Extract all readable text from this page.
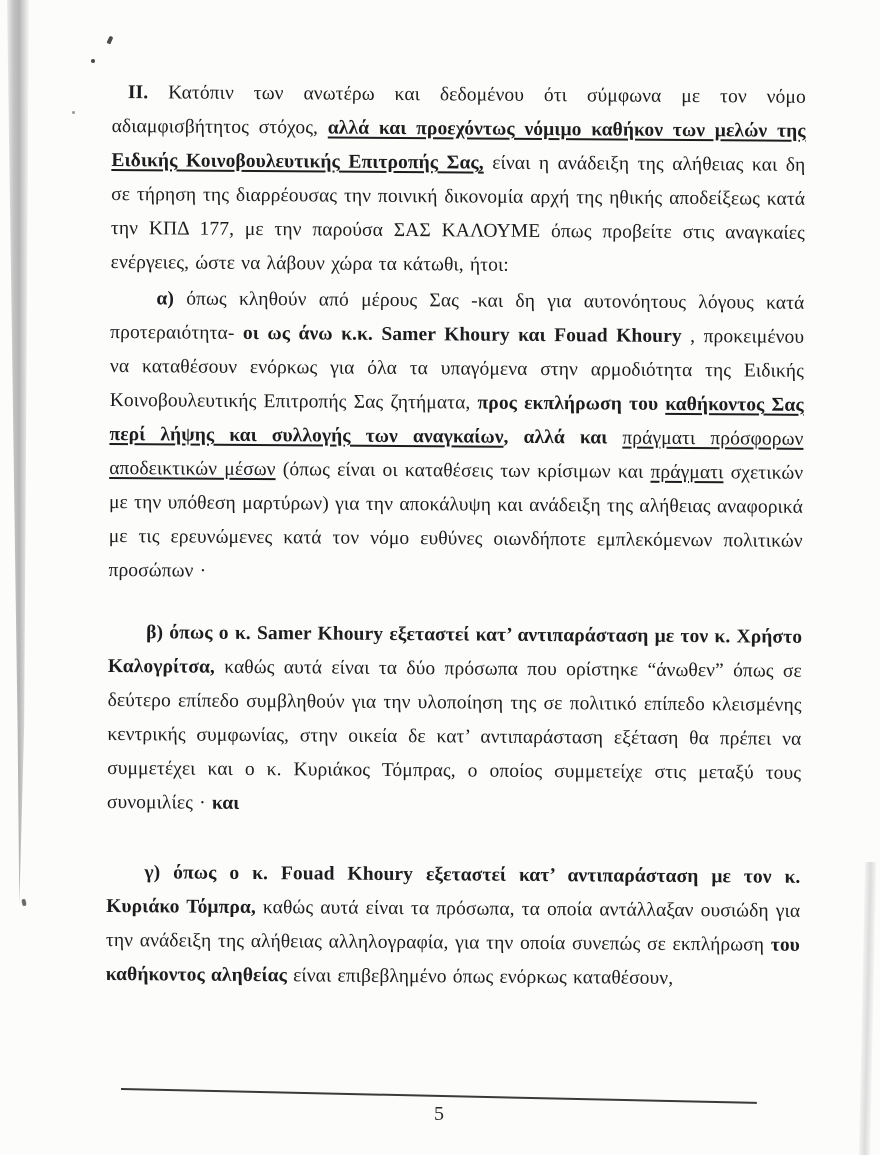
ΙΙ. Κατόπιν των ανωτέρω και δεδομένου ότι σύμφωνα με τον νόμο αδιαμφισβήτητος στόχος, αλλά και προεχόντως νόμιμο καθήκον των μελών της Ειδικής Κοινοβουλευτικής Επιτροπής Σας, είναι η ανάδειξη της αλήθειας και δη σε τήρηση της διαρρέουσας την ποινική δικονομία αρχή της ηθικής αποδείξεως κατά την ΚΠΔ 177, με την παρούσα ΣΑΣ ΚΑΛΟΥΜΕ όπως προβείτε στις αναγκαίες ενέργειες, ώστε να λάβουν χώρα τα κάτωθι, ήτοι:

α) όπως κληθούν από μέρους Σας -και δη για αυτονόητους λόγους κατά προτεραιότητα- οι ως άνω κ.κ. Samer Khoury και Fouad Khoury , προκειμένου να καταθέσουν ενόρκως για όλα τα υπαγόμενα στην αρμοδιότητα της Ειδικής Κοινοβουλευτικής Επιτροπής Σας ζητήματα, προς εκπλήρωση του καθήκοντος Σας περί λήψης και συλλογής των αναγκαίων, αλλά και πράγματι πρόσφορων αποδεικτικών μέσων (όπως είναι οι καταθέσεις των κρίσιμων και πράγματι σχετικών με την υπόθεση μαρτύρων) για την αποκάλυψη και ανάδειξη της αλήθειας αναφορικά με τις ερευνώμενες κατά τον νόμο ευθύνες οιωνδήποτε εμπλεκόμενων πολιτικών προσώπων ·

β) όπως ο κ. Samer Khoury εξεταστεί κατ’ αντιπαράσταση με τον κ. Χρήστο Καλογρίτσα, καθώς αυτά είναι τα δύο πρόσωπα που ορίστηκε “άνωθεν” όπως σε δεύτερο επίπεδο συμβληθούν για την υλοποίηση της σε πολιτικό επίπεδο κλεισμένης κεντρικής συμφωνίας, στην οικεία δε κατ’ αντιπαράσταση εξέταση θα πρέπει να συμμετέχει και ο κ. Κυριάκος Τόμπρας, ο οποίος συμμετείχε στις μεταξύ τους συνομιλίες · και

γ) όπως ο κ. Fouad Khoury εξεταστεί κατ’ αντιπαράσταση με τον κ. Κυριάκο Τόμπρα, καθώς αυτά είναι τα πρόσωπα, τα οποία αντάλλαξαν ουσιώδη για την ανάδειξη της αλήθειας αλληλογραφία, για την οποία συνεπώς σε εκπλήρωση του καθήκοντος αληθείας είναι επιβεβλημένο όπως ενόρκως καταθέσουν,

5
